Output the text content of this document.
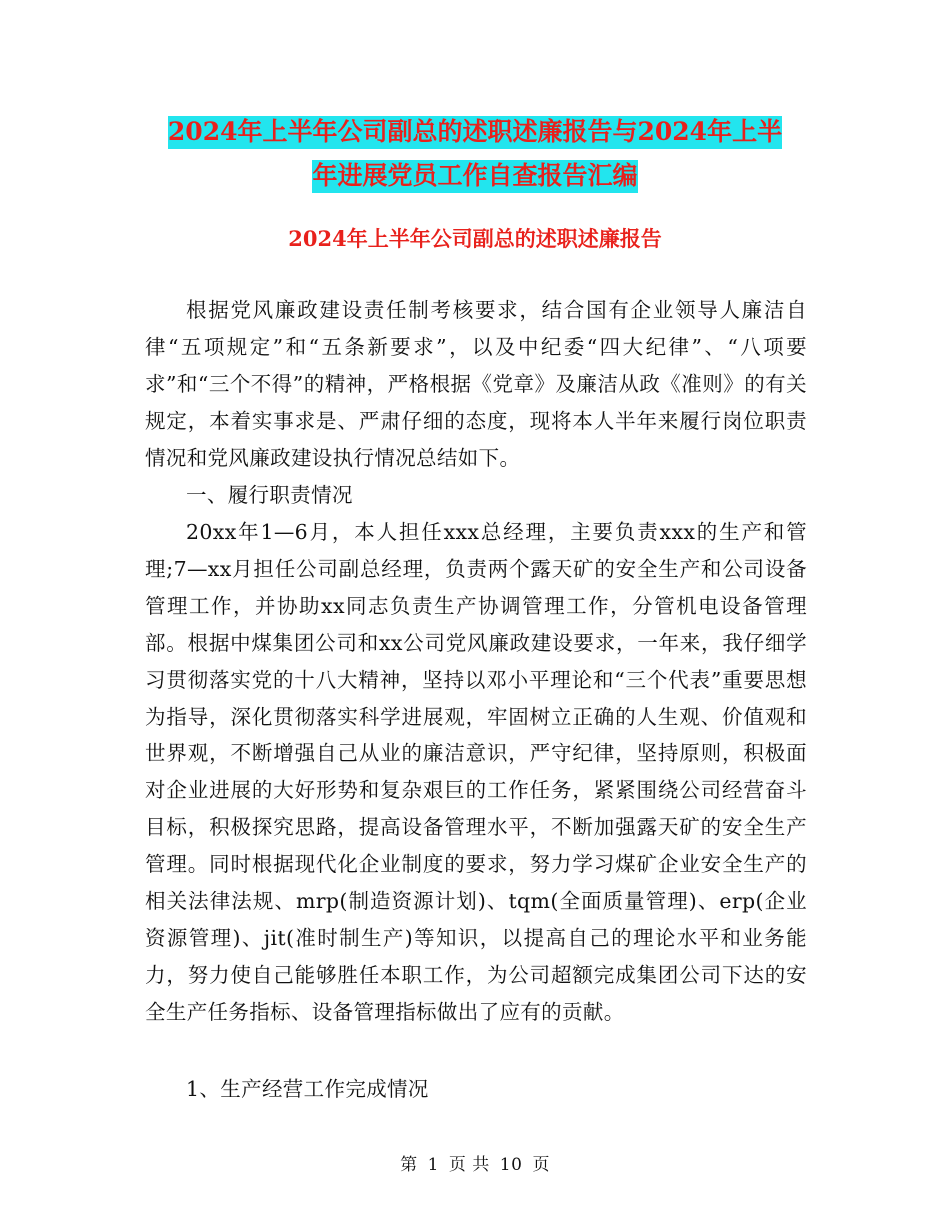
2024年上半年公司副总的述职述廉报告与2024年上半
年进展党员工作自查报告汇编
2024年上半年公司副总的述职述廉报告
根据党风廉政建设责任制考核要求，结合国有企业领导人廉洁自律“五项规定”和“五条新要求”，以及中纪委“四大纪律”、“八项要求”和“三个不得”的精神，严格根据《党章》及廉洁从政《准则》的有关规定，本着实事求是、严肃仔细的态度，现将本人半年来履行岗位职责情况和党风廉政建设执行情况总结如下。
一、履行职责情况
20xx年1—6月，本人担任xxx总经理，主要负责xxx的生产和管理;7—xx月担任公司副总经理，负责两个露天矿的安全生产和公司设备管理工作，并协助xx同志负责生产协调管理工作，分管机电设备管理部。根据中煤集团公司和xx公司党风廉政建设要求，一年来，我仔细学习贯彻落实党的十八大精神，坚持以邓小平理论和“三个代表”重要思想为指导，深化贯彻落实科学进展观，牢固树立正确的人生观、价值观和世界观，不断增强自己从业的廉洁意识，严守纪律，坚持原则，积极面对企业进展的大好形势和复杂艰巨的工作任务，紧紧围绕公司经营奋斗目标，积极探究思路，提高设备管理水平，不断加强露天矿的安全生产管理。同时根据现代化企业制度的要求，努力学习煤矿企业安全生产的相关法律法规、mrp(制造资源计划)、tqm(全面质量管理)、erp(企业资源管理)、jit(准时制生产)等知识，以提高自己的理论水平和业务能力，努力使自己能够胜任本职工作，为公司超额完成集团公司下达的安全生产任务指标、设备管理指标做出了应有的贡献。
1、生产经营工作完成情况
第 1 页 共 10 页
